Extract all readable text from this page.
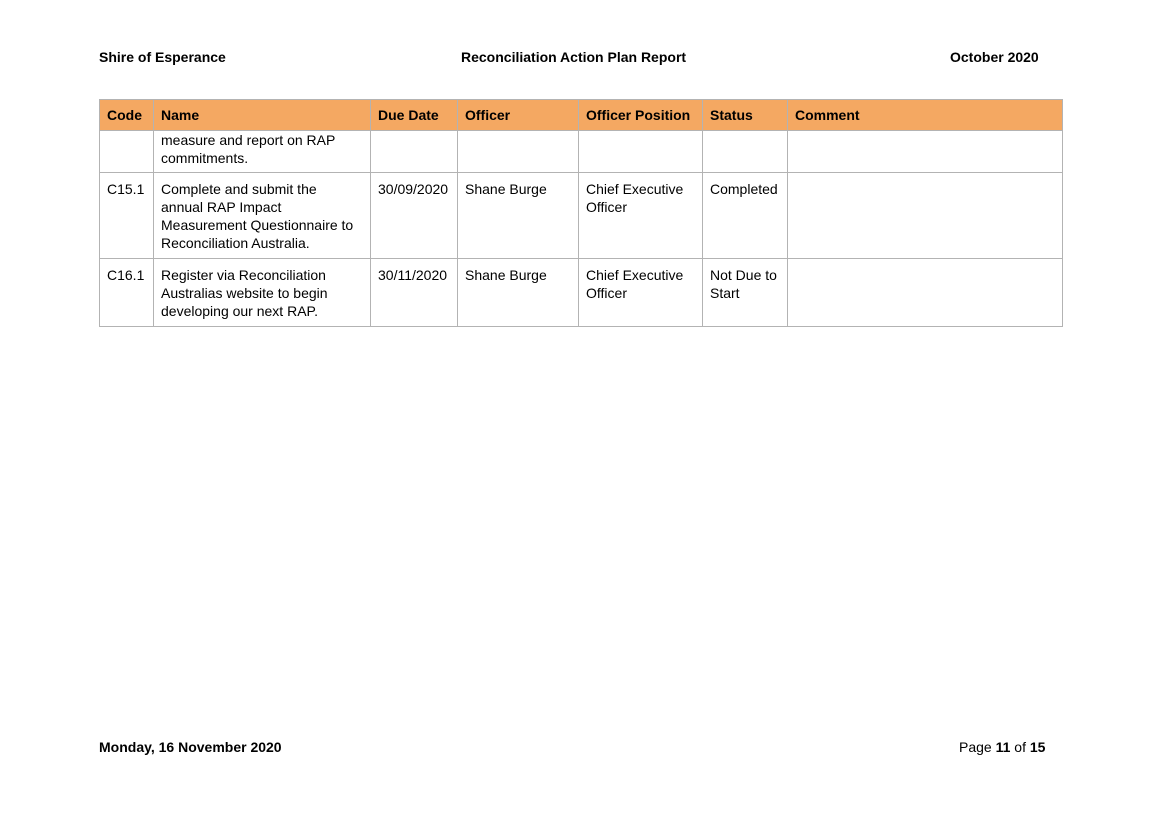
Shire of Esperance	Reconciliation Action Plan Report	October 2020
Code	Name	Due Date	Officer	Officer Position	Status	Comment
	measure and report on RAP
commitments.					
C15.1	Complete and submit the
annual RAP Impact
Measurement Questionnaire to
Reconciliation Australia.	30/09/2020	Shane Burge	Chief Executive
Officer	Completed	
C16.1	Register via Reconciliation
Australias website to begin
developing our next RAP.	30/11/2020	Shane Burge	Chief Executive
Officer	Not Due to
Start	
Monday, 16 November 2020	Page 11 of 15
